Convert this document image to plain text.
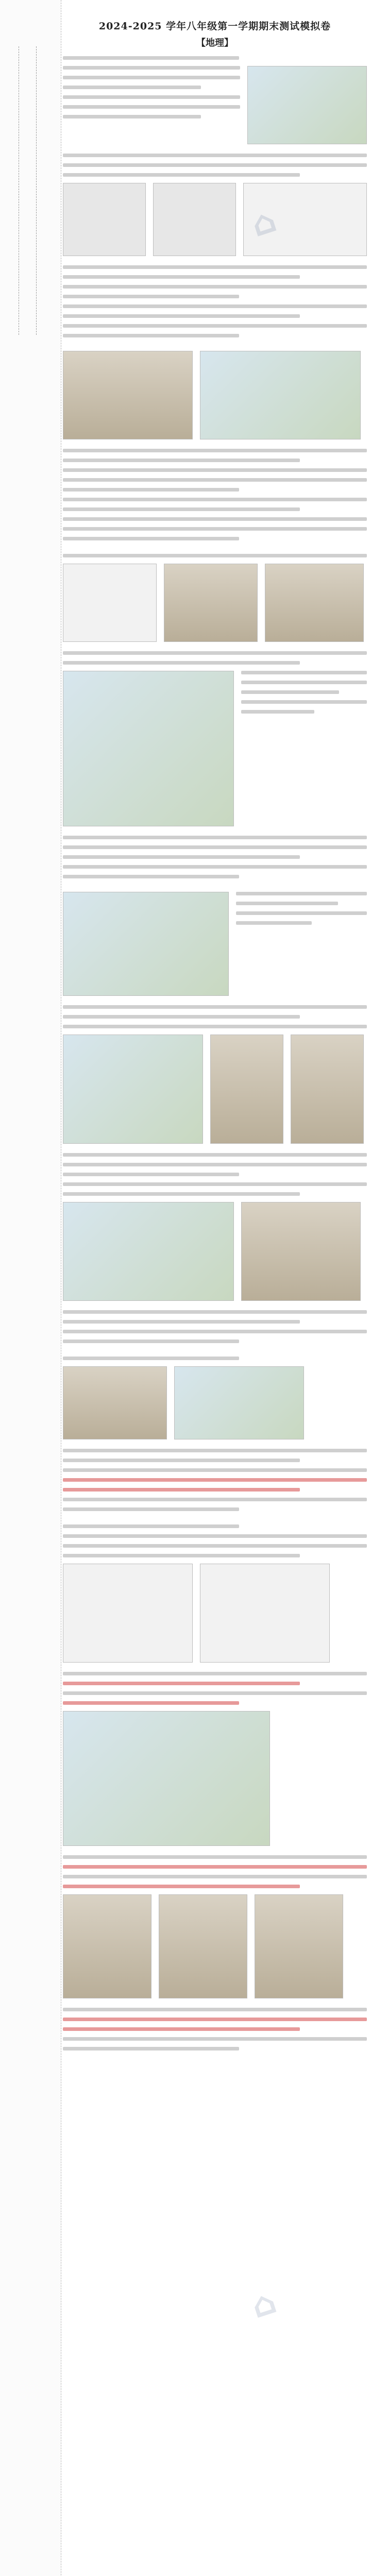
2024-2025 学年八年级第一学期期末测试模拟卷
【地理】
⌂
